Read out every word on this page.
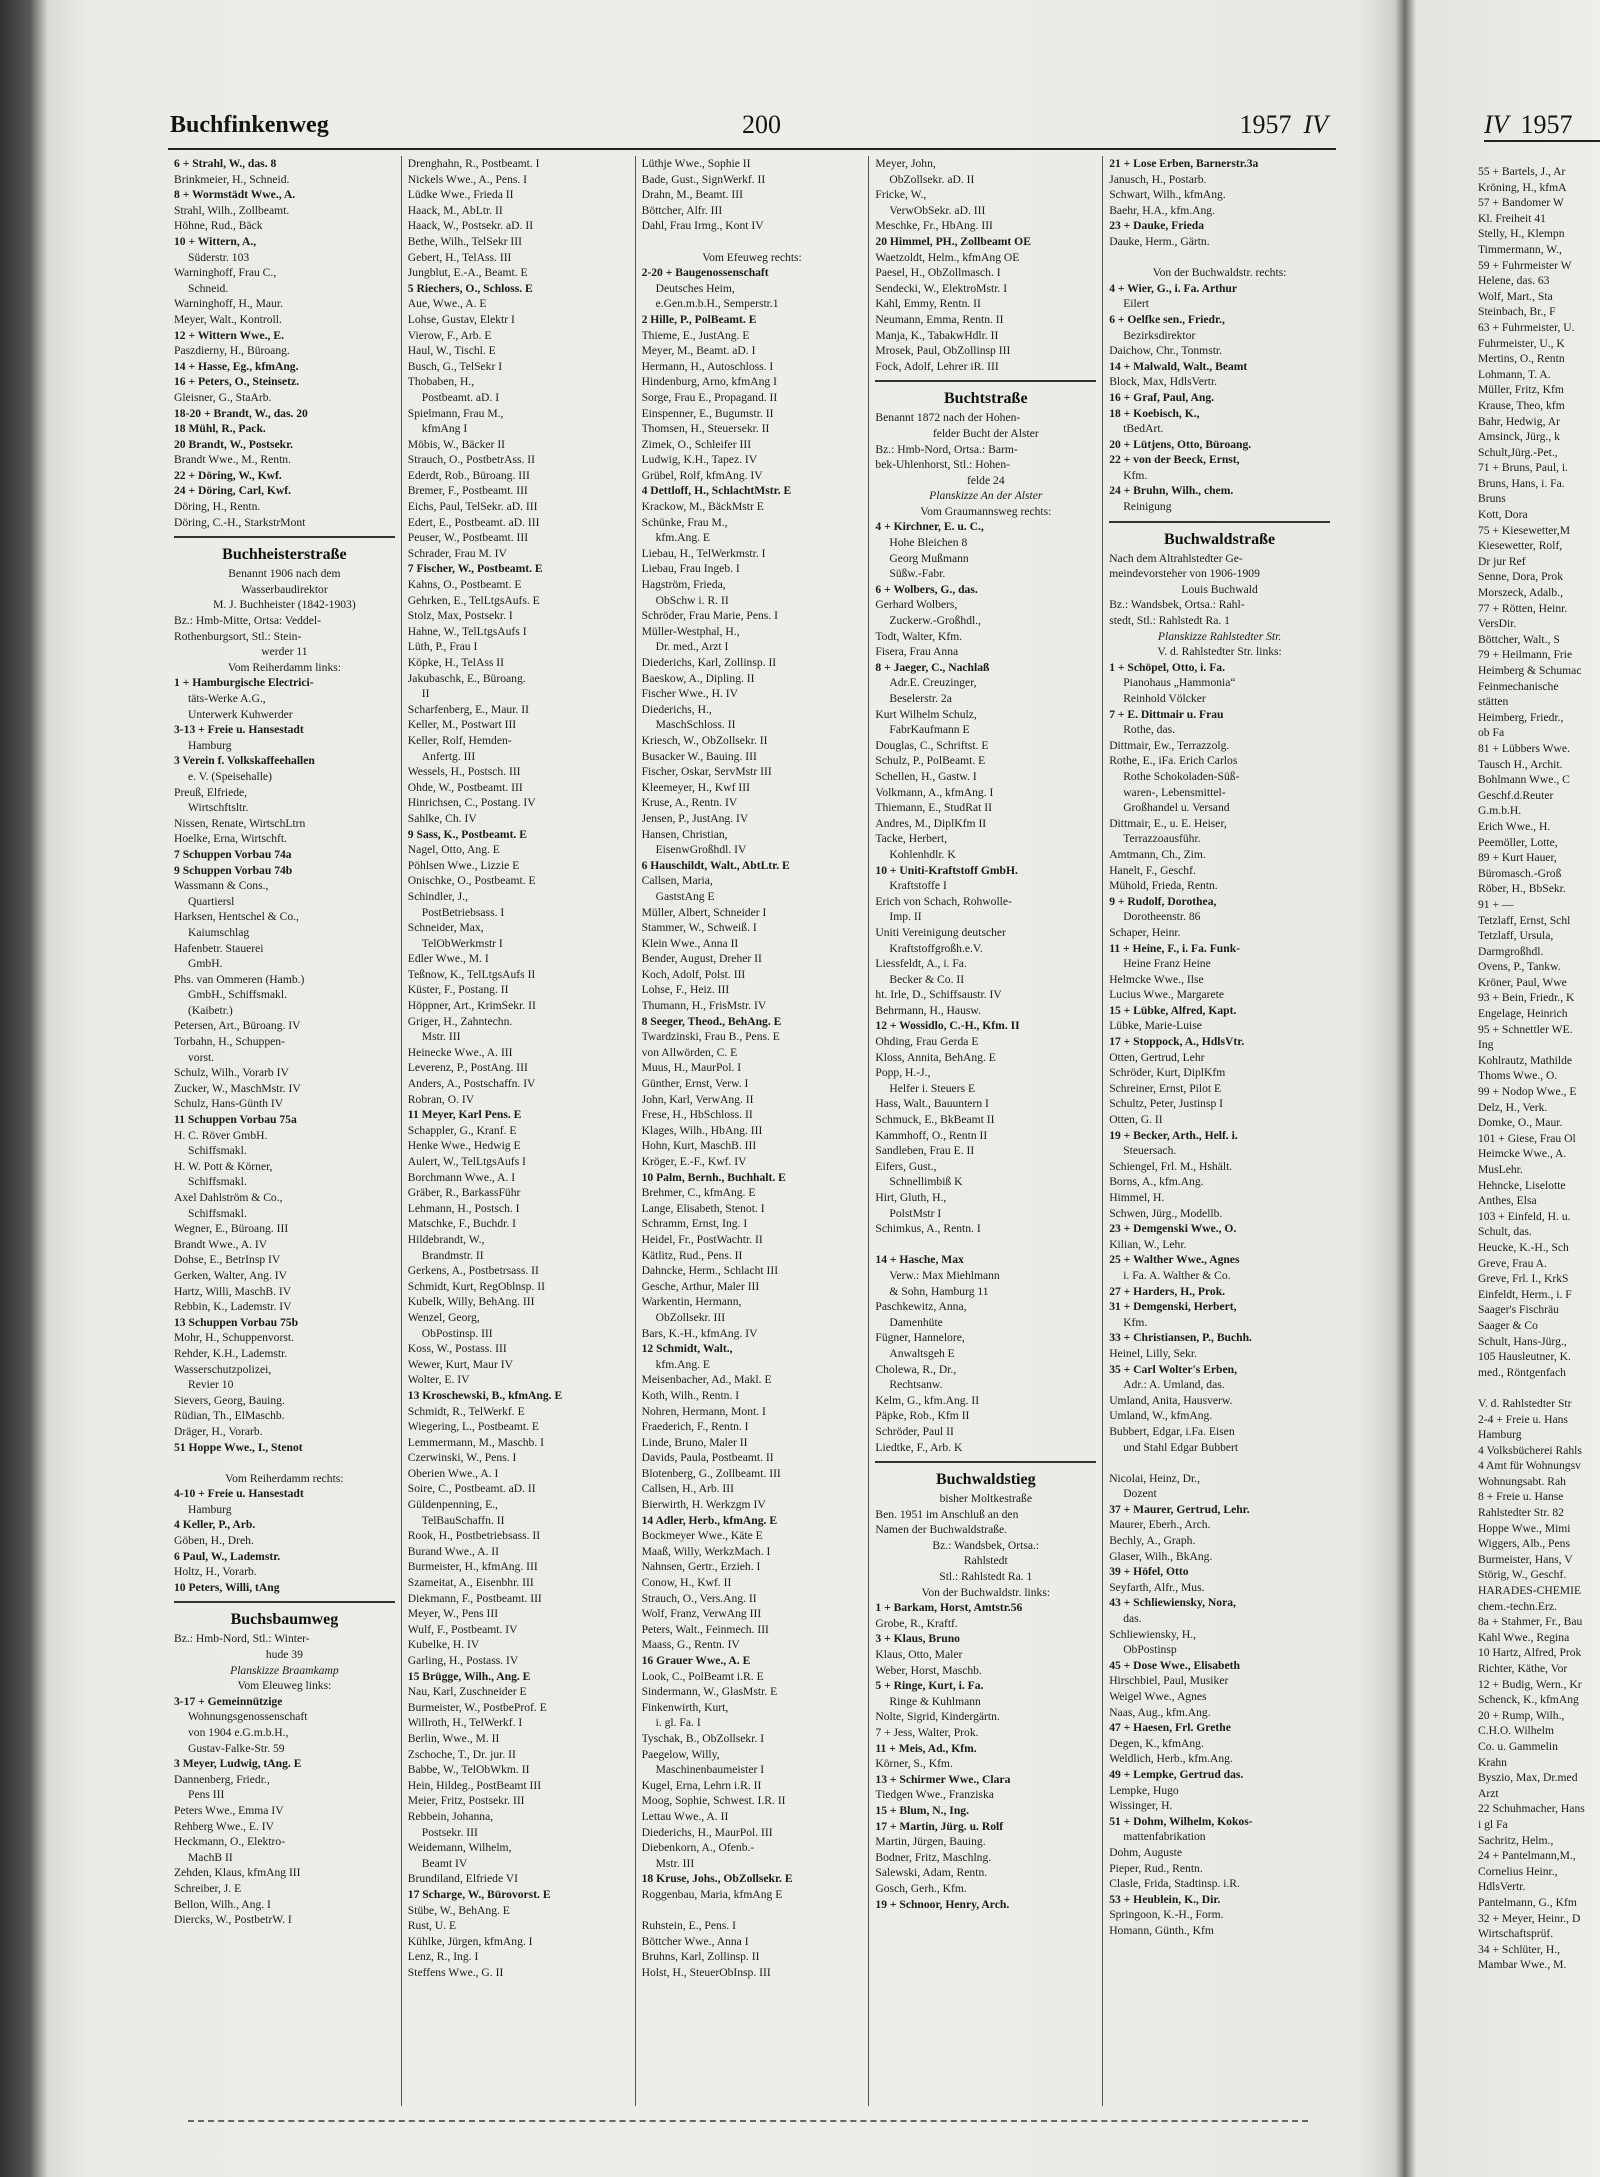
Buchfinkenweg	200	1957 IV
6 + Strahl, W., das. 8
Brinkmeier, H., Schneid.
8 + Wormstädt Wwe., A.
Strahl, Wilh., Zollbeamt.
Höhne, Rud., Bäck
10 + Wittern, A.,
Süderstr. 103
Warninghoff, Frau C.,
Schneid.
Warninghoff, H., Maur.
Meyer, Walt., Kontroll.
12 + Wittern Wwe., E.
Paszdierny, H., Büroang.
14 + Hasse, Eg., kfmAng.
16 + Peters, O., Steinsetz.
Gleisner, G., StaArb.
18-20 + Brandt, W., das. 20
18 Mühl, R., Pack.
20 Brandt, W., Postsekr.
Brandt Wwe., M., Rentn.
22 + Döring, W., Kwf.
24 + Döring, Carl, Kwf.
Döring, H., Rentn.
Döring, C.-H., StarkstrMont
Buchheisterstraße
Benannt 1906 nach dem
Wasserbaudirektor
M. J. Buchheister (1842-1903)
Bz.: Hmb-Mitte, Ortsa: Veddel-
Rothenburgsort, Stl.: Stein-
werder 11
Vom Reiherdamm links:
1 + Hamburgische Electrici-
täts-Werke A.G.,
Unterwerk Kuhwerder
3-13 + Freie u. Hansestadt
Hamburg
3 Verein f. Volkskaffeehallen
e. V. (Speisehalle)
Preuß, Elfriede,
Wirtschftsltr.
Nissen, Renate, WirtschLtrn
Hoelke, Erna, Wirtschft.
7 Schuppen Vorbau 74a
9 Schuppen Vorbau 74b
Wassmann & Cons.,
Quartiersl
Harksen, Hentschel & Co.,
Kaiumschlag
Hafenbetr. Stauerei
GmbH.
Phs. van Ommeren (Hamb.)
GmbH., Schiffsmakl.
(Kaibetr.)
Petersen, Art., Büroang. IV
Torbahn, H., Schuppen-
vorst.
Schulz, Wilh., Vorarb IV
Zucker, W., MaschMstr. IV
Schulz, Hans-Günth IV
11 Schuppen Vorbau 75a
H. C. Röver GmbH.
Schiffsmakl.
H. W. Pott & Körner,
Schiffsmakl.
Axel Dahlström & Co.,
Schiffsmakl.
Wegner, E., Büroang. III
Brandt Wwe., A. IV
Dohse, E., BetrInsp IV
Gerken, Walter, Ang. IV
Hartz, Willi, MaschB. IV
Rebbin, K., Lademstr. IV
13 Schuppen Vorbau 75b
Mohr, H., Schuppenvorst.
Rehder, K.H., Lademstr.
Wasserschutzpolizei,
Revier 10
Sievers, Georg, Bauing.
Rüdian, Th., ElMaschb.
Dräger, H., Vorarb.
51 Hoppe Wwe., I., Stenot
Vom Reiherdamm rechts:
4-10 + Freie u. Hansestadt
Hamburg
4 Keller, P., Arb.
Göben, H., Dreh.
6 Paul, W., Lademstr.
Holtz, H., Vorarb.
10 Peters, Willi, tAng
Buchsbaumweg
Bz.: Hmb-Nord, Stl.: Winter-
hude 39
Planskizze Braamkamp
Vom Eleuweg links:
3-17 + Gemeinnützige
Wohnungsgenossenschaft
von 1904 e.G.m.b.H.,
Gustav-Falke-Str. 59
3 Meyer, Ludwig, tAng. E
Dannenberg, Friedr.,
Pens III
Peters Wwe., Emma IV
Rehberg Wwe., E. IV
Heckmann, O., Elektro-
MachB II
Zehden, Klaus, kfmAng III
Schreiber, J. E
Bellon, Wilh., Ang. I
Diercks, W., PostbetrW. I
Drenghahn, R., Postbeamt. I
Nickels Wwe., A., Pens. I
Lüdke Wwe., Frieda II
Haack, M., AbLtr. II
Haack, W., Postsekr. aD. II
Bethe, Wilh., TelSekr III
Gebert, H., TelAss. III
Jungblut, E.-A., Beamt. E
5 Riechers, O., Schloss. E
Aue, Wwe., A. E
Lohse, Gustav, Elektr I
Vierow, F., Arb. E
Haul, W., Tischl. E
Busch, G., TelSekr I
Thobaben, H.,
Postbeamt. aD. I
Spielmann, Frau M.,
kfmAng I
Möbis, W., Bäcker II
Strauch, O., PostbetrAss. II
Ederdt, Rob., Büroang. III
Bremer, F., Postbeamt. III
Eichs, Paul, TelSekr. aD. III
Edert, E., Postbeamt. aD. III
Peuser, W., Postbeamt. III
Schrader, Frau M. IV
7 Fischer, W., Postbeamt. E
Kahns, O., Postbeamt. E
Gehrken, E., TelLtgsAufs. E
Stolz, Max, Postsekr. I
Hahne, W., TelLtgsAufs I
Lüth, P., Frau I
Köpke, H., TelAss II
Jakubaschk, E., Büroang.
II
Scharfenberg, E., Maur. II
Keller, M., Postwart III
Keller, Rolf, Hemden-
Anfertg. III
Wessels, H., Postsch. III
Ohde, W., Postbeamt. III
Hinrichsen, C., Postang. IV
Sahlke, Ch. IV
9 Sass, K., Postbeamt. E
Nagel, Otto, Ang. E
Pöhlsen Wwe., Lizzie E
Onischke, O., Postbeamt. E
Schindler, J.,
PostBetriebsass. I
Schneider, Max,
TelObWerkmstr I
Edler Wwe., M. I
Teßnow, K., TelLtgsAufs II
Küster, F., Postang. II
Höppner, Art., KrimSekr. II
Griger, H., Zahntechn.
Mstr. III
Heinecke Wwe., A. III
Leverenz, P., PostAng. III
Anders, A., Postschaffn. IV
Robran, O. IV
11 Meyer, Karl Pens. E
Schappler, G., Kranf. E
Henke Wwe., Hedwig E
Aulert, W., TelLtgsAufs I
Borchmann Wwe., A. I
Gräber, R., BarkassFühr
Lehmann, H., Postsch. I
Matschke, F., Buchdr. I
Hildebrandt, W.,
Brandmstr. II
Gerkens, A., Postbetrsass. II
Schmidt, Kurt, RegOblnsp. II
Kubelk, Willy, BehAng. III
Wenzel, Georg,
ObPostinsp. III
Koss, W., Postass. III
Wewer, Kurt, Maur IV
Wolter, E. IV
13 Kroschewski, B., kfmAng. E
Schmidt, R., TelWerkf. E
Wiegering, L., Postbeamt. E
Lemmermann, M., Maschb. I
Czerwinski, W., Pens. I
Oberien Wwe., A. I
Soire, C., Postbeamt. aD. II
Güldenpenning, E.,
TelBauSchaffn. II
Rook, H., Postbetriebsass. II
Burand Wwe., A. II
Burmeister, H., kfmAng. III
Szameitat, A., Eisenbhr. III
Diekmann, F., Postbeamt. III
Meyer, W., Pens III
Wulf, F., Postbeamt. IV
Kubelke, H. IV
Garling, H., Postass. IV
15 Brügge, Wilh., Ang. E
Nau, Karl, Zuschneider E
Burmeister, W., PostbeProf. E
Willroth, H., TelWerkf. I
Berlin, Wwe., M. II
Zschoche, T., Dr. jur. II
Babbe, W., TelObWkm. II
Hein, Hildeg., PostBeamt III
Meier, Fritz, Postsekr. III
Rebbein, Johanna,
Postsekr. III
Weidemann, Wilhelm,
Beamt IV
Brundiland, Elfriede VI
17 Scharge, W., Bürovorst. E
Stübe, W., BehAng. E
Rust, U. E
Kühlke, Jürgen, kfmAng. I
Lenz, R., Ing. I
Steffens Wwe., G. II
Lüthje Wwe., Sophie II
Bade, Gust., SignWerkf. II
Drahn, M., Beamt. III
Böttcher, Alfr. III
Dahl, Frau Irmg., Kont IV
Vom Efeuweg rechts:
2-20 + Baugenossenschaft
Deutsches Heim,
e.Gen.m.b.H., Semperstr.1
2 Hille, P., PolBeamt. E
Thieme, E., JustAng. E
Meyer, M., Beamt. aD. I
Hermann, H., Autoschloss. I
Hindenburg, Arno, kfmAng I
Sorge, Frau E., Propagand. II
Einspenner, E., Bugumstr. II
Thomsen, H., Steuersekr. II
Zimek, O., Schleifer III
Ludwig, K.H., Tapez. IV
Grübel, Rolf, kfmAng. IV
4 Dettloff, H., SchlachtMstr. E
Krackow, M., BäckMstr E
Schünke, Frau M.,
kfm.Ang. E
Liebau, H., TelWerkmstr. I
Liebau, Frau Ingeb. I
Hagström, Frieda,
ObSchw i. R. II
Schröder, Frau Marie, Pens. I
Müller-Westphal, H.,
Dr. med., Arzt I
Diederichs, Karl, Zollinsp. II
Baeskow, A., Dipling. II
Fischer Wwe., H. IV
Diederichs, H.,
MaschSchloss. II
Kriesch, W., ObZollsekr. II
Busacker W., Bauing. III
Fischer, Oskar, ServMstr III
Kleemeyer, H., Kwf III
Kruse, A., Rentn. IV
Jensen, P., JustAng. IV
Hansen, Christian,
EisenwGroßhdl. IV
6 Hauschildt, Walt., AbtLtr. E
Callsen, Maria,
GaststAng E
Müller, Albert, Schneider I
Stammer, W., Schweiß. I
Klein Wwe., Anna II
Bender, August, Dreher II
Koch, Adolf, Polst. III
Lohse, F., Heiz. III
Thumann, H., FrisMstr. IV
8 Seeger, Theod., BehAng. E
Twardzinski, Frau B., Pens. E
von Allwörden, C. E
Muus, H., MaurPol. I
Günther, Ernst, Verw. I
John, Karl, VerwAng. II
Frese, H., HbSchloss. II
Klages, Wilh., HbAng. III
Hohn, Kurt, MaschB. III
Kröger, E.-F., Kwf. IV
10 Palm, Bernh., Buchhalt. E
Brehmer, C., kfmAng. E
Lange, Elisabeth, Stenot. I
Schramm, Ernst, Ing. I
Heidel, Fr., PostWachtr. II
Kätlitz, Rud., Pens. II
Dahncke, Herm., Schlacht III
Gesche, Arthur, Maler III
Warkentin, Hermann,
ObZollsekr. III
Bars, K.-H., kfmAng. IV
12 Schmidt, Walt.,
kfm.Ang. E
Meisenbacher, Ad., Makl. E
Koth, Wilh., Rentn. I
Nohren, Hermann, Mont. I
Fraederich, F., Rentn. I
Linde, Bruno, Maler II
Davids, Paula, Postbeamt. II
Blotenberg, G., Zollbeamt. III
Callsen, H., Arb. III
Bierwirth, H. Werkzgm IV
14 Adler, Herb., kfmAng. E
Bockmeyer Wwe., Käte E
Maaß, Willy, WerkzMach. I
Nahnsen, Gertr., Erzieh. I
Conow, H., Kwf. II
Strauch, O., Vers.Ang. II
Wolf, Franz, VerwAng III
Peters, Walt., Feinmech. III
Maass, G., Rentn. IV
16 Grauer Wwe., A. E
Look, C., PolBeamt i.R. E
Sindermann, W., GlasMstr. E
Finkenwirth, Kurt,
i. gl. Fa. I
Tyschak, B., ObZollsekr. I
Paegelow, Willy,
Maschinenbaumeister I
Kugel, Erna, Lehrn i.R. II
Moog, Sophie, Schwest. I.R. II
Lettau Wwe., A. II
Diederichs, H., MaurPol. III
Diebenkorn, A., Ofenb.-
Mstr. III
18 Kruse, Johs., ObZollsekr. E
Roggenbau, Maria, kfmAng E
Ruhstein, E., Pens. I
Böttcher Wwe., Anna I
Bruhns, Karl, Zollinsp. II
Holst, H., SteuerObInsp. III
Meyer, John,
ObZollsekr. aD. II
Fricke, W.,
VerwObSekr. aD. III
Meschke, Fr., HbAng. III
20 Himmel, PH., Zollbeamt OE
Waetzoldt, Helm., kfmAng OE
Paesel, H., ObZollmasch. I
Sendecki, W., ElektroMstr. I
Kahl, Emmy, Rentn. II
Neumann, Emma, Rentn. II
Manja, K., TabakwHdlr. II
Mrosek, Paul, ObZollinsp III
Fock, Adolf, Lehrer iR. III
Buchtstraße
Benannt 1872 nach der Hohen-
felder Bucht der Alster
Bz.: Hmb-Nord, Ortsa.: Barm-
bek-Uhlenhorst, Stl.: Hohen-
felde 24
Planskizze An der Alster
Vom Graumannsweg rechts:
4 + Kirchner, E. u. C.,
Hohe Bleichen 8
Georg Mußmann
Süßw.-Fabr.
6 + Wolbers, G., das.
Gerhard Wolbers,
Zuckerw.-Großhdl.,
Todt, Walter, Kfm.
Fisera, Frau Anna
8 + Jaeger, C., Nachlaß
Adr.E. Creuzinger,
Beselerstr. 2a
Kurt Wilhelm Schulz,
FabrKaufmann E
Douglas, C., Schriftst. E
Schulz, P., PolBeamt. E
Schellen, H., Gastw. I
Volkmann, A., kfmAng. I
Thiemann, E., StudRat II
Andres, M., DiplKfm II
Tacke, Herbert,
Kohlenhdlr. K
10 + Uniti-Kraftstoff GmbH.
Kraftstoffe I
Erich von Schach, Rohwolle-
Imp. II
Uniti Vereinigung deutscher
Kraftstoffgroßh.e.V.
Liessfeldt, A., i. Fa.
Becker & Co. II
ht. Irle, D., Schiffsaustr. IV
Behrmann, H., Hausw.
12 + Wossidlo, C.-H., Kfm. II
Ohding, Frau Gerda E
Kloss, Annita, BehAng. E
Popp, H.-J.,
Helfer i. Steuers E
Hass, Walt., Bauuntern I
Schmuck, E., BkBeamt II
Kammhoff, O., Rentn II
Sandleben, Frau E. II
Eifers, Gust.,
Schnellimbiß K
Hirt, Gluth, H.,
PolstMstr I
Schimkus, A., Rentn. I
14 + Hasche, Max
Verw.: Max Miehlmann
& Sohn, Hamburg 11
Paschkewitz, Anna,
Damenhüte
Fügner, Hannelore,
Anwaltsgeh E
Cholewa, R., Dr.,
Rechtsanw.
Kelm, G., kfm.Ang. II
Päpke, Rob., Kfm II
Schröder, Paul II
Liedtke, F., Arb. K
Buchwaldstieg
bisher Moltkestraße
Ben. 1951 im Anschluß an den
Namen der Buchwaldstraße.
Bz.: Wandsbek, Ortsa.:
Rahlstedt
Stl.: Rahlstedt Ra. 1
Von der Buchwaldstr. links:
1 + Barkam, Horst, Amtstr.56
Grobe, R., Kraftf.
3 + Klaus, Bruno
Klaus, Otto, Maler
Weber, Horst, Maschb.
5 + Ringe, Kurt, i. Fa.
Ringe & Kuhlmann
Nolte, Sigrid, Kindergärtn.
7 + Jess, Walter, Prok.
11 + Meis, Ad., Kfm.
Körner, S., Kfm.
13 + Schirmer Wwe., Clara
Tiedgen Wwe., Franziska
15 + Blum, N., Ing.
17 + Martin, Jürg. u. Rolf
Martin, Jürgen, Bauing.
Bodner, Fritz, Maschlng.
Salewski, Adam, Rentn.
Gosch, Gerh., Kfm.
19 + Schnoor, Henry, Arch.
21 + Lose Erben, Barnerstr.3a
Janusch, H., Postarb.
Schwart, Wilh., kfmAng.
Baehr, H.A., kfm.Ang.
23 + Dauke, Frieda
Dauke, Herm., Gärtn.
Von der Buchwaldstr. rechts:
4 + Wier, G., i. Fa. Arthur
Eilert
6 + Oelfke sen., Friedr.,
Bezirksdirektor
Daichow, Chr., Tonmstr.
14 + Malwald, Walt., Beamt
Block, Max, HdlsVertr.
16 + Graf, Paul, Ang.
18 + Koebisch, K.,
tBedArt.
20 + Lütjens, Otto, Büroang.
22 + von der Beeck, Ernst,
Kfm.
24 + Bruhn, Wilh., chem.
Reinigung
Buchwaldstraße
Nach dem Altrahlstedter Ge-
meindevorsteher von 1906-1909
Louis Buchwald
Bz.: Wandsbek, Ortsa.: Rahl-
stedt, Stl.: Rahlstedt Ra. 1
Planskizze Rahlstedter Str.
V. d. Rahlstedter Str. links:
1 + Schöpel, Otto, i. Fa.
Pianohaus „Hammonia“
Reinhold Völcker
7 + E. Dittmair u. Frau
Rothe, das.
Dittmair, Ew., Terrazzolg.
Rothe, E., iFa. Erich Carlos
Rothe Schokoladen-Süß-
waren-, Lebensmittel-
Großhandel u. Versand
Dittmair, E., u. E. Heiser,
Terrazzoausführ.
Amtmann, Ch., Zim.
Hanelt, F., Geschf.
Mühold, Frieda, Rentn.
9 + Rudolf, Dorothea,
Dorotheenstr. 86
Schaper, Heinr.
11 + Heine, F., i. Fa. Funk-
Heine Franz Heine
Helmcke Wwe., Ilse
Lucius Wwe., Margarete
15 + Lübke, Alfred, Kapt.
Lübke, Marie-Luise
17 + Stoppock, A., HdlsVtr.
Otten, Gertrud, Lehr
Schröder, Kurt, DiplKfm
Schreiner, Ernst, Pilot E
Schultz, Peter, Justinsp I
Otten, G. II
19 + Becker, Arth., Helf. i.
Steuersach.
Schiengel, Frl. M., Hshält.
Borns, A., kfm.Ang.
Himmel, H.
Schwen, Jürg., Modellb.
23 + Demgenski Wwe., O.
Kilian, W., Lehr.
25 + Walther Wwe., Agnes
i. Fa. A. Walther & Co.
27 + Harders, H., Prok.
31 + Demgenski, Herbert,
Kfm.
33 + Christiansen, P., Buchh.
Heinel, Lilly, Sekr.
35 + Carl Wolter's Erben,
Adr.: A. Umland, das.
Umland, Anita, Hausverw.
Umland, W., kfmAng.
Bubbert, Edgar, i.Fa. Eisen
und Stahl Edgar Bubbert
Nicolai, Heinz, Dr.,
Dozent
37 + Maurer, Gertrud, Lehr.
Maurer, Eberh., Arch.
Bechly, A., Graph.
Glaser, Wilh., BkAng.
39 + Höfel, Otto
Seyfarth, Alfr., Mus.
43 + Schliewiensky, Nora,
das.
Schliewiensky, H.,
ObPostinsp
45 + Dose Wwe., Elisabeth
Hirschbiel, Paul, Musiker
Weigel Wwe., Agnes
Naas, Aug., kfm.Ang.
47 + Haesen, Frl. Grethe
Degen, K., kfmAng.
Weldlich, Herb., kfm.Ang.
49 + Lempke, Gertrud das.
Lempke, Hugo
Wissinger, H.
51 + Dohm, Wilhelm, Kokos-
mattenfabrikation
Dohm, Auguste
Pieper, Rud., Rentn.
Clasle, Frida, Stadtinsp. i.R.
53 + Heublein, K., Dir.
Springoon, K.-H., Form.
Homann, Günth., Kfm
IV 1957
55 + Bartels, J., Ar
Kröning, H., kfmA
57 + Bandomer W
Kl. Freiheit 41
Stelly, H., Klempn
Timmermann, W.,
59 + Fuhrmeister W
Helene, das. 63
Wolf, Mart., Sta
Steinbach, Br., F
63 + Fuhrmeister, U.
Fuhrmeister, U., K
Mertins, O., Rentn
Lohmann, T. A.
Müller, Fritz, Kfm
Krause, Theo, kfm
Bahr, Hedwig, Ar
Amsinck, Jürg., k
Schult,Jürg.-Pet.,
71 + Bruns, Paul, i.
Bruns, Hans, i. Fa.
Bruns
Kott, Dora
75 + Kiesewetter,M
Kiesewetter, Rolf,
Dr jur Ref
Senne, Dora, Prok
Morszeck, Adalb.,
77 + Rötten, Heinr.
VersDir.
Böttcher, Walt., S
79 + Heilmann, Frie
Heimberg & Schumac
Feinmechanische
stätten
Heimberg, Friedr.,
ob Fa
81 + Lübbers Wwe.
Tausch H., Archit.
Bohlmann Wwe., C
Geschf.d.Reuter
G.m.b.H.
Erich Wwe., H.
Peemöller, Lotte,
89 + Kurt Hauer,
Büromasch.-Groß
Röber, H., BbSekr.
91 + —
Tetzlaff, Ernst, Schl
Tetzlaff, Ursula,
Darmgroßhdl.
Ovens, P., Tankw.
Kröner, Paul, Wwe
93 + Bein, Friedr., K
Engelage, Heinrich
95 + Schnettler WE.
Ing
Kohlrautz, Mathilde
Thoms Wwe., O.
99 + Nodop Wwe., E
Delz, H., Verk.
Domke, O., Maur.
101 + Giese, Frau Ol
Heimcke Wwe., A.
MusLehr.
Hehncke, Liselotte
Anthes, Elsa
103 + Einfeld, H. u.
Schult, das.
Heucke, K.-H., Sch
Greve, Frau A.
Greve, Frl. I., KrkS
Einfeldt, Herm., i. F
Saager's Fischräu
Saager & Co
Schult, Hans-Jürg.,
105 Hausleutner, K.
med., Röntgenfach
V. d. Rahlstedter Str
2-4 + Freie u. Hans
Hamburg
4 Volksbücherei Rahls
4 Amt für Wohnungsv
Wohnungsabt. Rah
8 + Freie u. Hanse
Rahlstedter Str. 82
Hoppe Wwe., Mimi
Wiggers, Alb., Pens
Burmeister, Hans, V
Störig, W., Geschf.
HARADES-CHEMIE
chem.-techn.Erz.
8a + Stahmer, Fr., Bau
Kahl Wwe., Regina
10 Hartz, Alfred, Prok
Richter, Käthe, Vor
12 + Budig, Wern., Kr
Schenck, K., kfmAng
20 + Rump, Wilh.,
C.H.O. Wilhelm
Co. u. Gammelin
Krahn
Byszio, Max, Dr.med
Arzt
22 Schuhmacher, Hans
i gl Fa
Sachritz, Helm.,
24 + Pantelmann,M.,
Cornelius Heinr.,
HdlsVertr.
Pantelmann, G., Kfm
32 + Meyer, Heinr., D
Wirtschaftsprüf.
34 + Schlüter, H.,
Mambar Wwe., M.
